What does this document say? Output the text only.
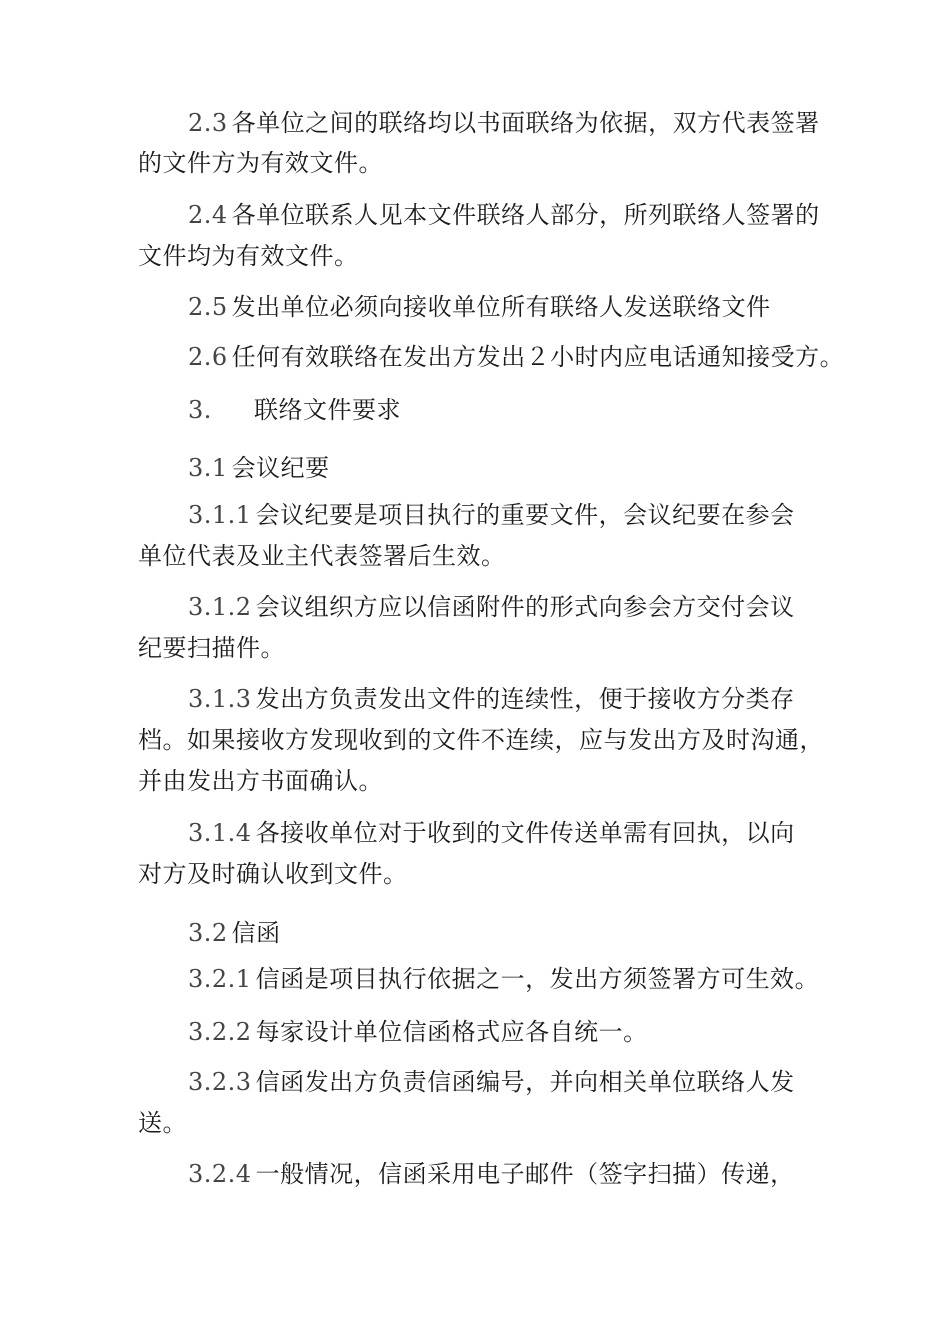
2.3 各单位之间的联络均以书面联络为依据，双方代表签署
的文件方为有效文件。
2.4 各单位联系人见本文件联络人部分，所列联络人签署的
文件均为有效文件。
2.5 发出单位必须向接收单位所有联络人发送联络文件
2.6 任何有效联络在发出方发出２小时内应电话通知接受方。
3. 联络文件要求
3.1 会议纪要
3.1.1 会议纪要是项目执行的重要文件，会议纪要在参会
单位代表及业主代表签署后生效。
3.1.2 会议组织方应以信函附件的形式向参会方交付会议
纪要扫描件。
3.1.3 发出方负责发出文件的连续性，便于接收方分类存
档。如果接收方发现收到的文件不连续，应与发出方及时沟通，
并由发出方书面确认。
3.1.4 各接收单位对于收到的文件传送单需有回执，以向
对方及时确认收到文件。
3.2 信函
3.2.1 信函是项目执行依据之一，发出方须签署方可生效。
3.2.2 每家设计单位信函格式应各自统一。
3.2.3 信函发出方负责信函编号，并向相关单位联络人发
送。
3.2.4 一般情况，信函采用电子邮件（签字扫描）传递，
